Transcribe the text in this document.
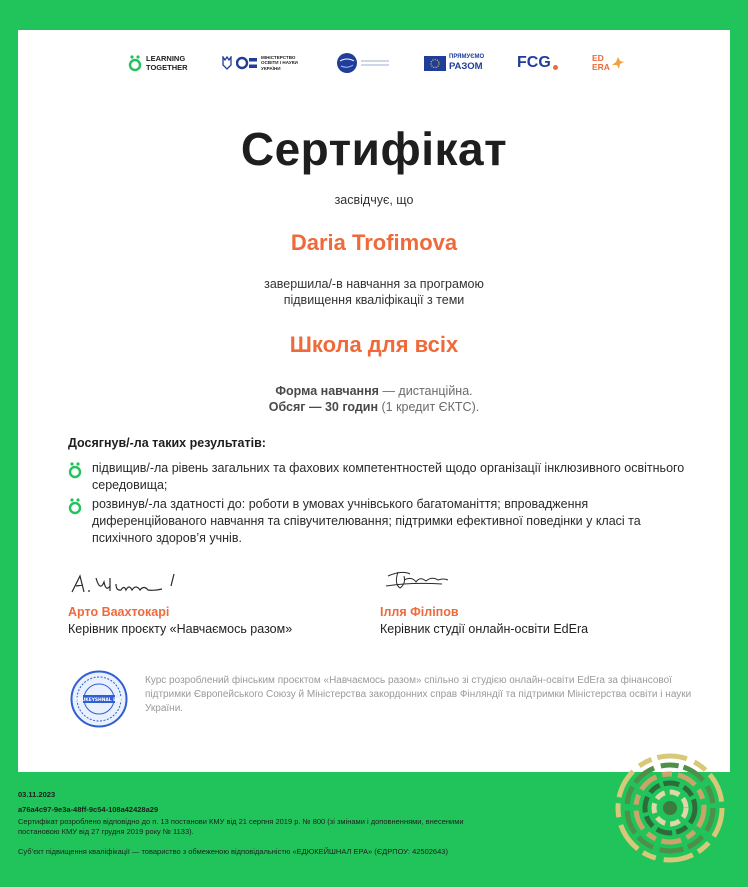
LEARNING
TOGETHER
МІНІСТЕРСТВО
ОСВІТИ І НАУКИ
УКРАЇНИ
ПРЯМУЄМО
РАЗОМ FCG	ED
ERA
Сертифікат
засвідчує, що
Daria Trofimova
завершила/-в навчання за програмою
підвищення кваліфікації з теми
Школа для всіх
Форма навчання — дистанційна.
Обсяг — 30 годин (1 кредит ЄКТС).
Досягнув/-ла таких результатів:
підвищив/-ла рівень загальних та фахових компетентностей щодо організації інклюзивного освітнього середовища;
розвинув/-ла здатності до: роботи в умовах учнівського багатоманіття; впровадження диференційованого навчання та співучителювання; підтримки ефективної поведінки у класі та психічного здоров’я учнів.
Арто Ваахтокарі
Керівник проєкту «Навчаємось разом»
Ілля Філіпов
Керівник студії онлайн-освіти EdEra
EDUKEYSHNAL ERA
Курс розроблений фінським проєктом «Навчаємось разом» спільно зі студією онлайн-освіти EdEra за фінансової підтримки Європейського Союзу й Міністерства закордонних справ Фінляндії та підтримки Міністерства освіти і науки України.
03.11.2023
a76a4c97-9e3a-48ff-9c54-108a42428a29
Сертифікат розроблено відповідно до п. 13 постанови КМУ від 21 серпня 2019 р. № 800 (зі змінами і доповненнями, внесеними
постановою КМУ від 27 грудня 2019 року № 1133).
Суб’єкт підвищення кваліфікації — товариство з обмеженою відповідальністю «ЕДЮКЕЙШНАЛ ЕРА» (ЄДРПОУ: 42502643)
